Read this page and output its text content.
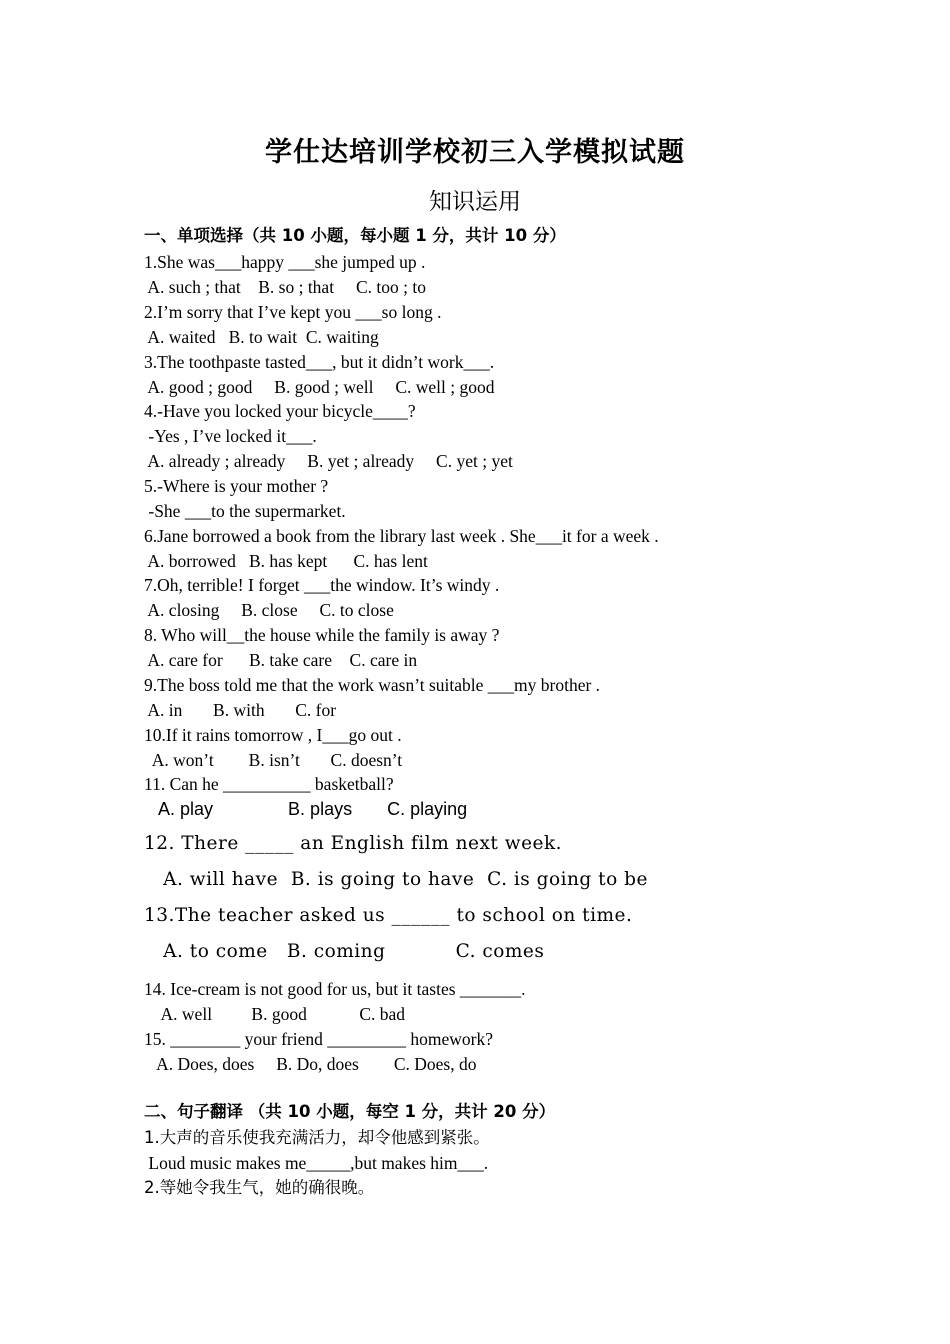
学仕达培训学校初三入学模拟试题
知识运用
一、单项选择（共 10 小题，每小题 1 分，共计 10 分）
1.She was___happy ___she jumped up .
A. such ; that    B. so ; that     C. too ; to
2.I’m sorry that I’ve kept you ___so long .
A. waited   B. to wait  C. waiting
3.The toothpaste tasted___, but it didn’t work___.
A. good ; good     B. good ; well     C. well ; good
4.-Have you locked your bicycle____?
-Yes , I’ve locked it___.
A. already ; already     B. yet ; already     C. yet ; yet
5.-Where is your mother ?
-She ___to the supermarket.
6.Jane borrowed a book from the library last week . She___it for a week .
A. borrowed   B. has kept      C. has lent
7.Oh, terrible! I forget ___the window. It’s windy .
A. closing     B. close     C. to close
8. Who will__the house while the family is away ?
A. care for      B. take care    C. care in
9.The boss told me that the work wasn’t suitable ___my brother .
A. in       B. with       C. for
10.If it rains tomorrow , I___go out .
A. won’t        B. isn’t       C. doesn’t
11. Can he __________ basketball?
A. play               B. plays       C. playing
12. There _____ an English film next week.
A. will have  B. is going to have  C. is going to be
13.The teacher asked us ______ to school on time.
A. to come   B. coming           C. comes
14. Ice-cream is not good for us, but it tastes _______.
A. well         B. good            C. bad
15. ________ your friend _________ homework?
A. Does, does     B. Do, does        C. Does, do
二、句子翻译 （共 10 小题，每空 1 分，共计 20 分）
1.大声的音乐使我充满活力，却令他感到紧张。
Loud music makes me_____,but makes him___.
2.等她令我生气，她的确很晚。
